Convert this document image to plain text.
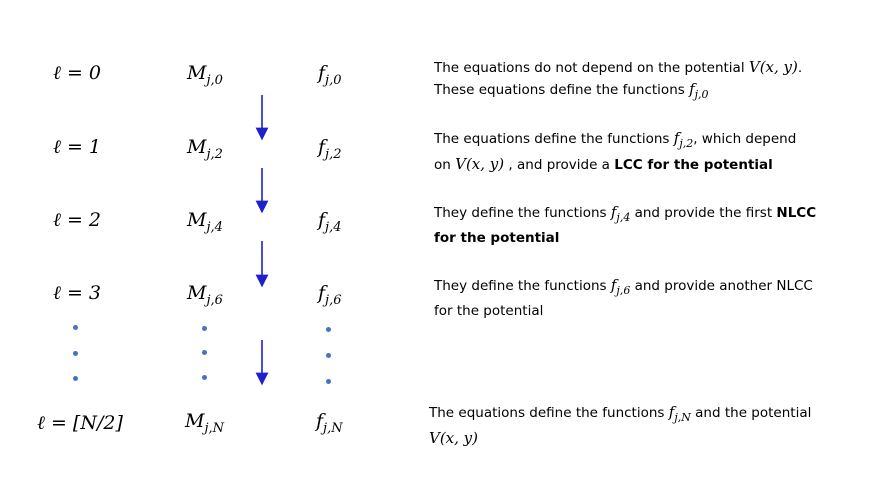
ℓ = 0	$M_{j,0}$	$f_{j,0}$
The equations do not depend on the potential V(x, y).
These equations define the functions $f_{j,0}$
ℓ = 1	$M_{j,2}$	$f_{j,2}$
The equations define the functions $f_{j,2}$, which depend
on V(x, y) , and provide a LCC for the potential
ℓ = 2	$M_{j,4}$	$f_{j,4}$
They define the functions $f_{j,4}$ and provide the first NLCC
for the potential
ℓ = 3	$M_{j,6}$	$f_{j,6}$
They define the functions $f_{j,6}$ and provide another NLCC
for the potential
ℓ = [N/2]	$M_{j,N}$	$f_{j,N}$
The equations define the functions $f_{j,N}$ and the potential
V(x, y)
